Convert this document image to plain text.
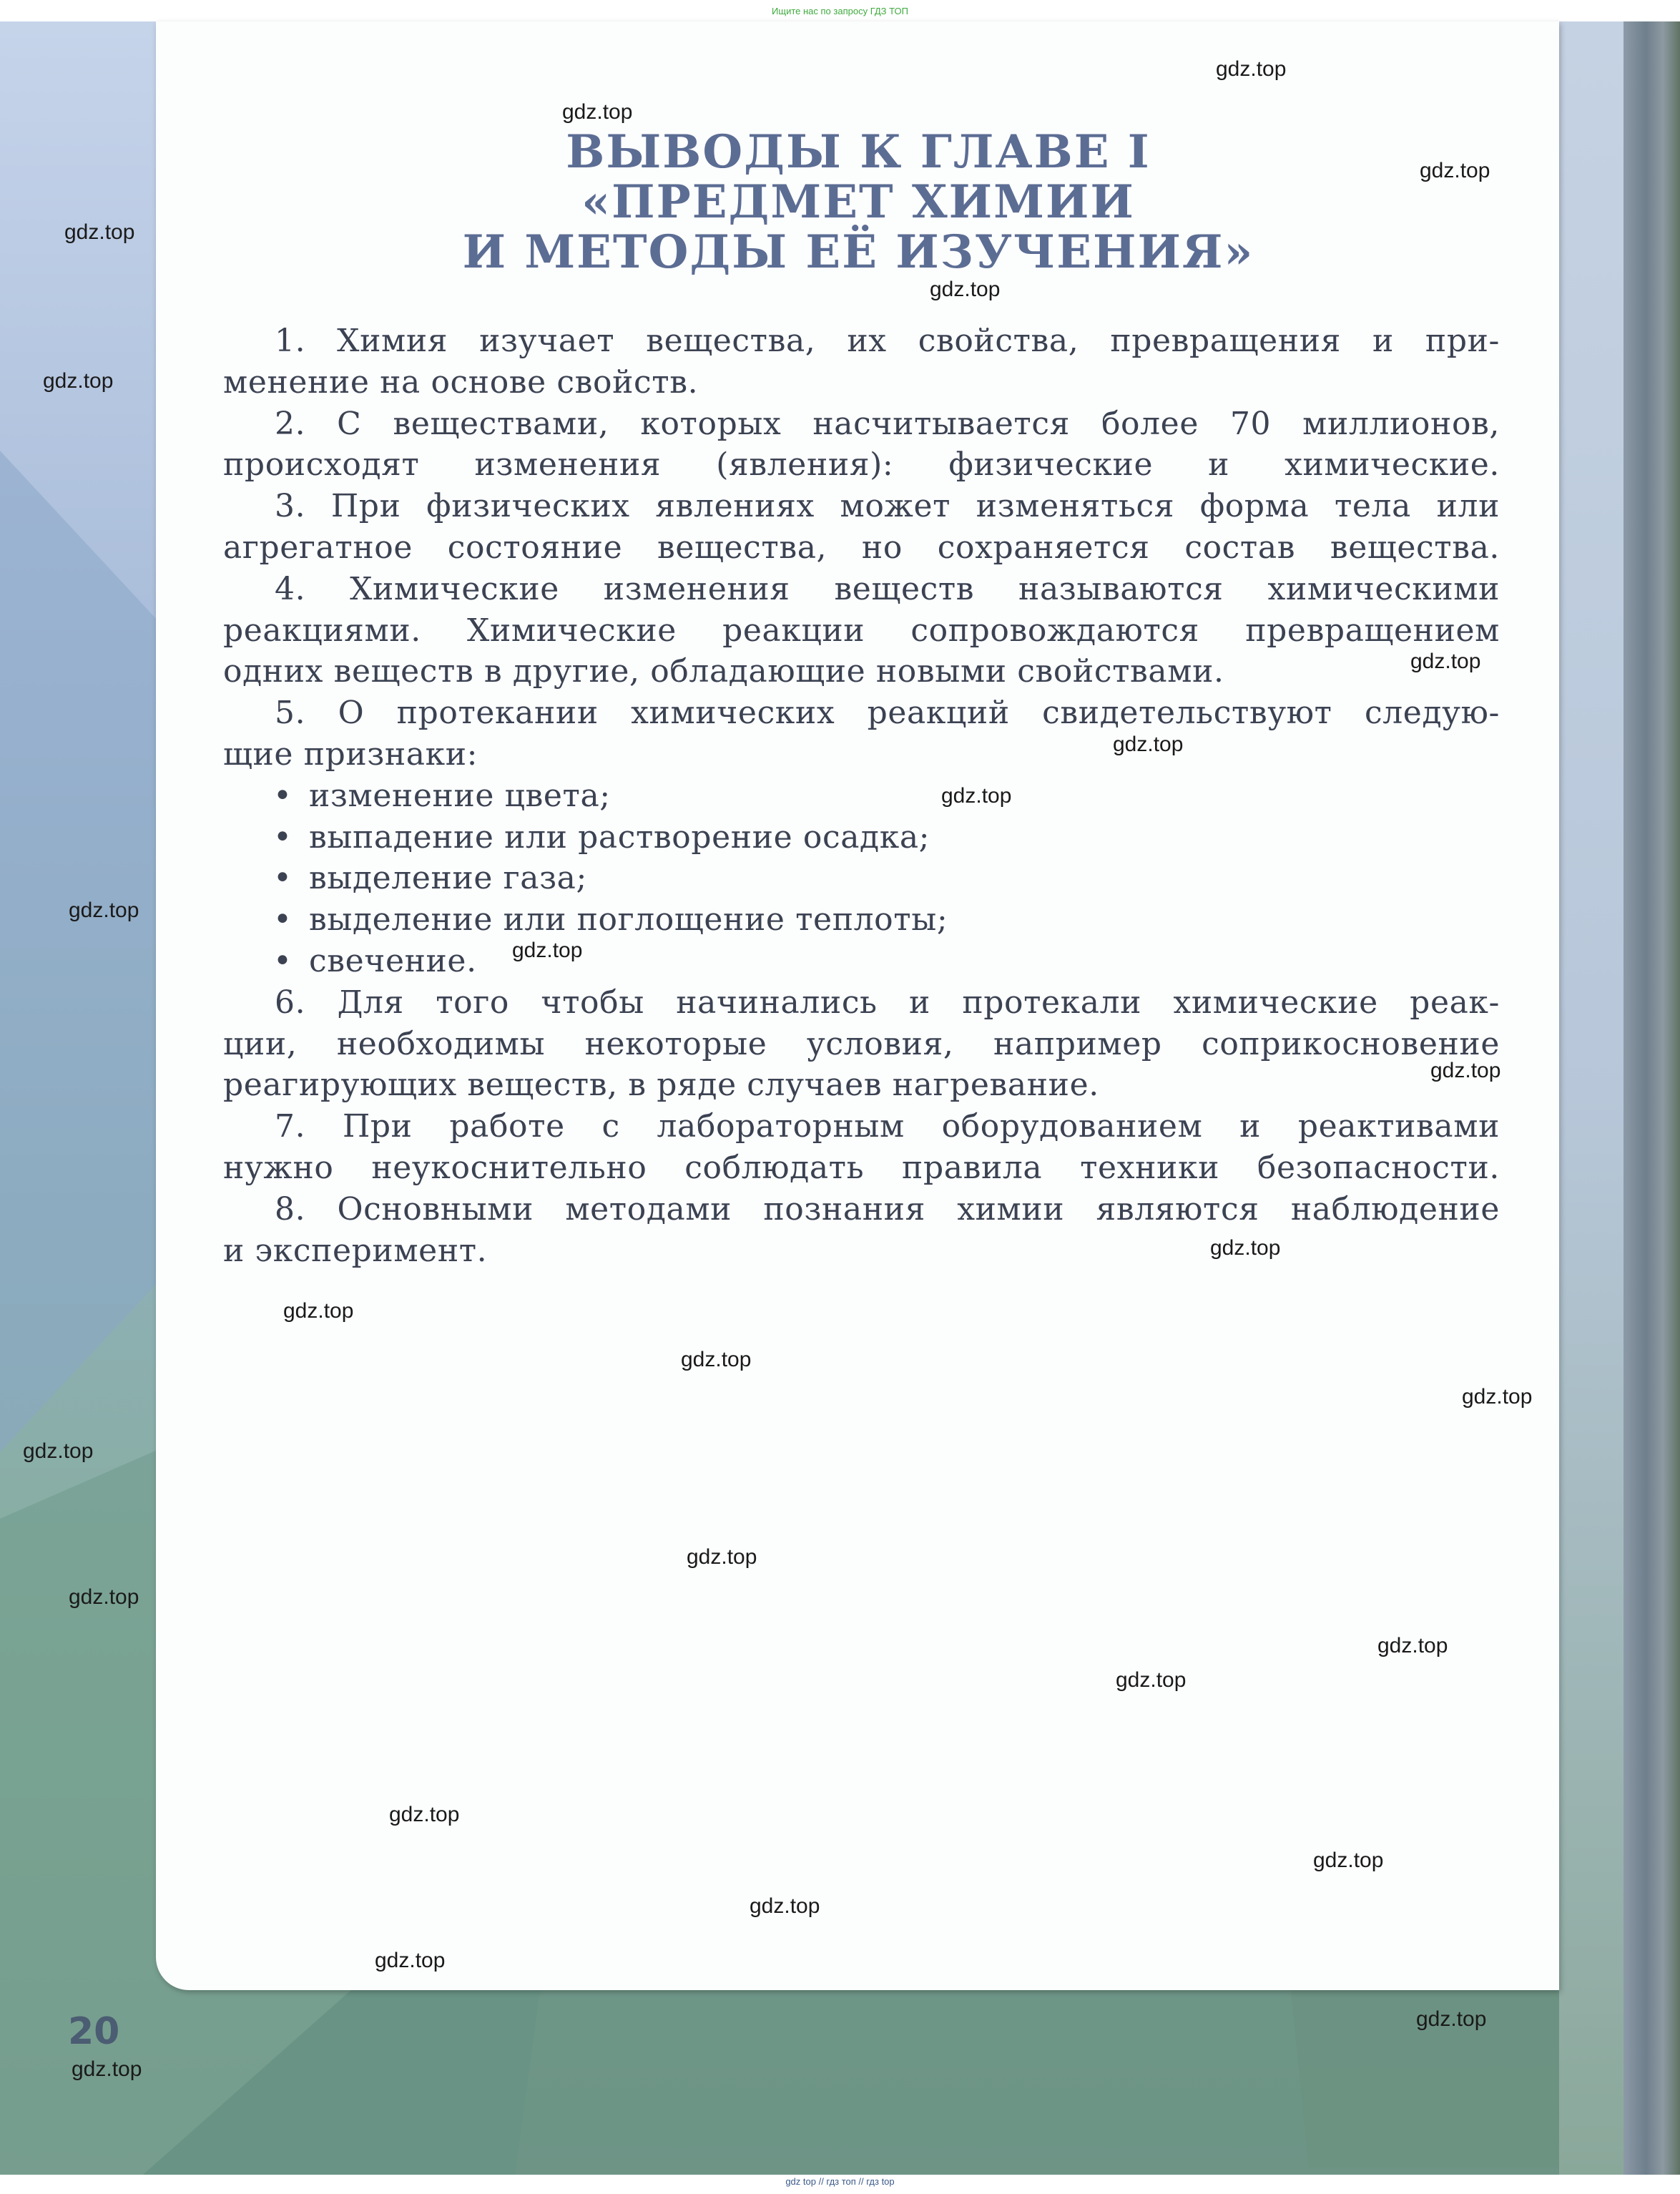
Ищите нас по запросу ГДЗ ТОП
ВЫВОДЫ К ГЛАВЕ I
«ПРЕДМЕТ ХИМИИ
И МЕТОДЫ ЕЁ ИЗУЧЕНИЯ»
1. Химия изучает вещества, их свойства, превращения и при-
менение на основе свойств.
2. С веществами, которых насчитывается более 70 миллионов,
происходят изменения (явления): физические и химические.
3. При физических явлениях может изменяться форма тела или
агрегатное состояние вещества, но сохраняется состав вещества.
4. Химические изменения веществ называются химическими
реакциями. Химические реакции сопровождаются превращением
одних веществ в другие, обладающие новыми свойствами.
5. О протекании химических реакций свидетельствуют следую-
щие признаки:
• изменение цвета;
• выпадение или растворение осадка;
• выделение газа;
• выделение или поглощение теплоты;
• свечение.
6. Для того чтобы начинались и протекали химические реак-
ции, необходимы некоторые условия, например соприкосновение
реагирующих веществ, в ряде случаев нагревание.
7. При работе с лабораторным оборудованием и реактивами
нужно неукоснительно соблюдать правила техники безопасности.
8. Основными методами познания химии являются наблюдение
и эксперимент.
20
gdz.top
gdz.top
gdz.top
gdz.top
gdz.top
gdz.top
gdz.top
gdz.top
gdz.top
gdz.top
gdz.top
gdz.top
gdz.top
gdz.top
gdz.top
gdz.top
gdz.top
gdz.top
gdz.top
gdz.top
gdz.top
gdz.top
gdz.top
gdz.top
gdz.top
gdz.top
gdz.top
gdz top // гдз топ // гдз top
